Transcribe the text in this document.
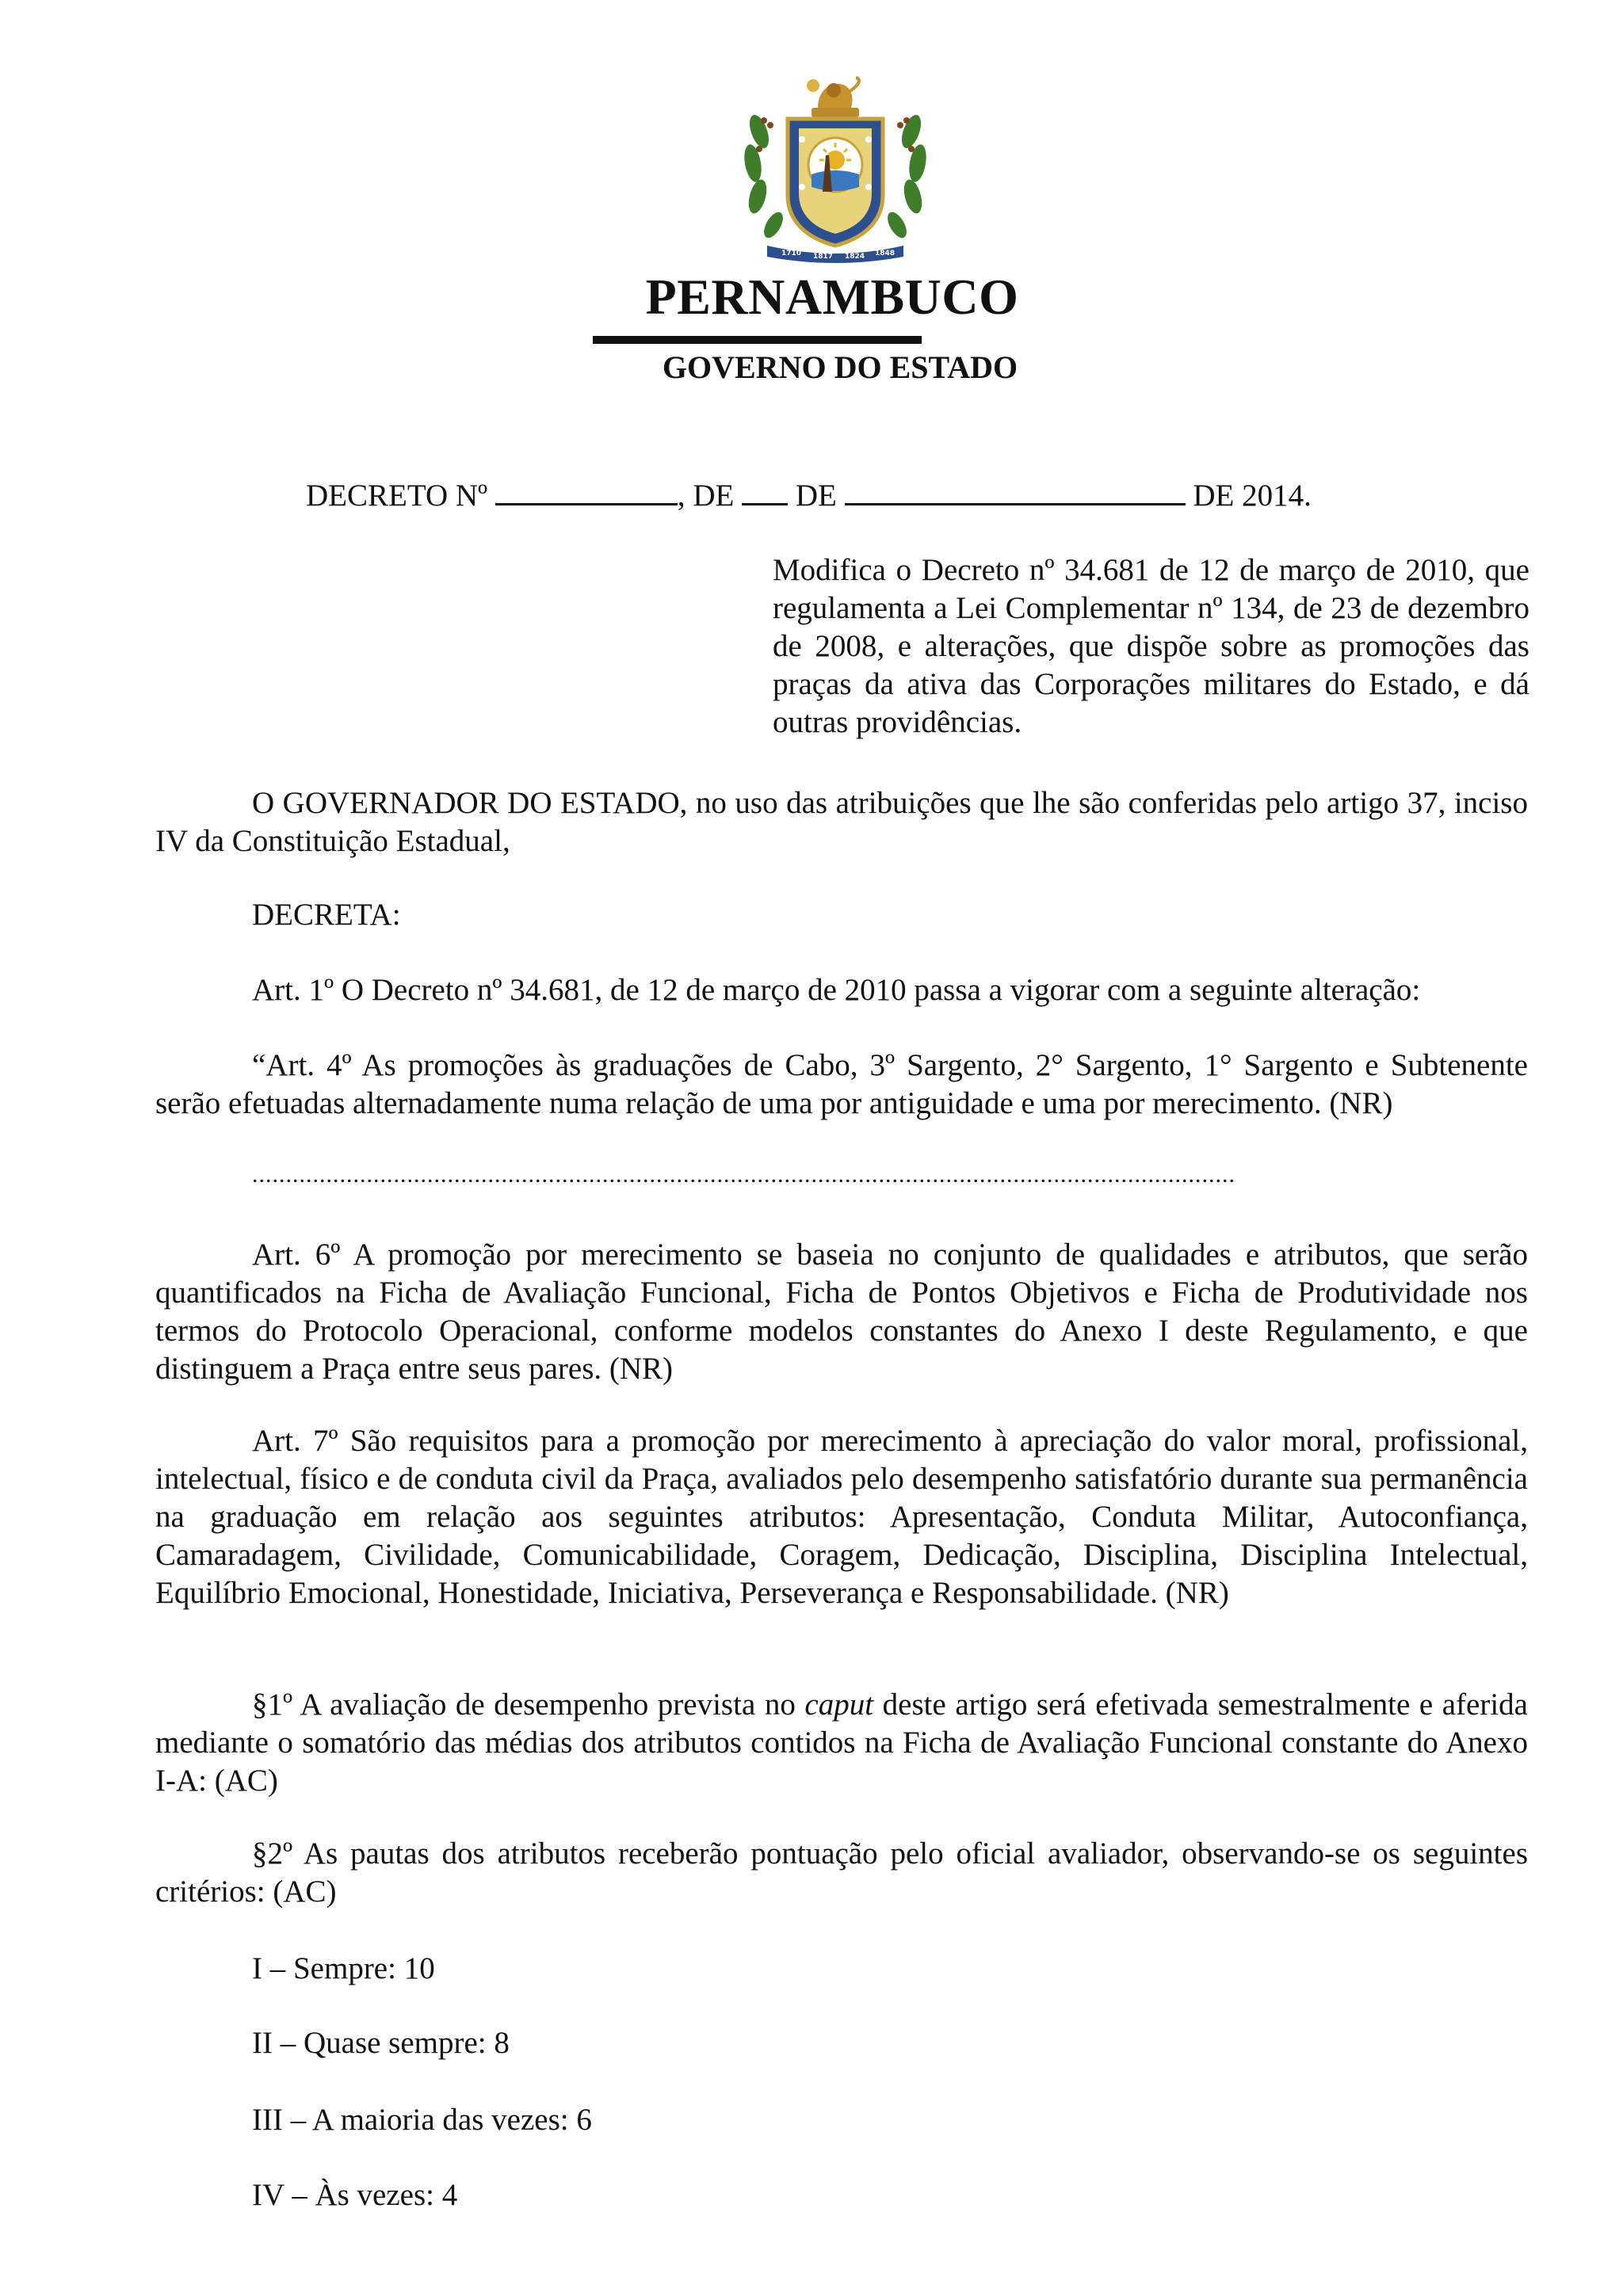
1710 1817 1824 1848
PERNAMBUCO
GOVERNO DO ESTADO
DECRETO Nº	, DE DE	DE 2014.
Modifica o Decreto nº 34.681 de 12 de março de 2010, que regulamenta a Lei Complementar nº 134, de 23 de dezembro de 2008, e alterações, que dispõe sobre as promoções das praças da ativa das Corporações militares do Estado, e dá outras providências.
O GOVERNADOR DO ESTADO, no uso das atribuições que lhe são conferidas pelo artigo 37, inciso IV da Constituição Estadual,
DECRETA:
Art. 1º O Decreto nº 34.681, de 12 de março de 2010 passa a vigorar com a seguinte alteração:
“Art. 4º As promoções às graduações de Cabo, 3º Sargento, 2° Sargento, 1° Sargento e Subtenente serão efetuadas alternadamente numa relação de uma por antiguidade e uma por merecimento. (NR)
..................................................................................................................................................
Art. 6º A promoção por merecimento se baseia no conjunto de qualidades e atributos, que serão quantificados na Ficha de Avaliação Funcional, Ficha de Pontos Objetivos e Ficha de Produtividade nos termos do Protocolo Operacional, conforme modelos constantes do Anexo I deste Regulamento, e que distinguem a Praça entre seus pares. (NR)
Art. 7º São requisitos para a promoção por merecimento à apreciação do valor moral, profissional, intelectual, físico e de conduta civil da Praça, avaliados pelo desempenho satisfatório durante sua permanência na graduação em relação aos seguintes atributos: Apresentação, Conduta Militar, Autoconfiança, Camaradagem, Civilidade, Comunicabilidade, Coragem, Dedicação, Disciplina, Disciplina Intelectual, Equilíbrio Emocional, Honestidade, Iniciativa, Perseverança e Responsabilidade. (NR)
§1º A avaliação de desempenho prevista no caput deste artigo será efetivada semestralmente e aferida mediante o somatório das médias dos atributos contidos na Ficha de Avaliação Funcional constante do Anexo I-A: (AC)
§2º As pautas dos atributos receberão pontuação pelo oficial avaliador, observando-se os seguintes critérios: (AC)
I – Sempre: 10
II – Quase sempre: 8
III – A maioria das vezes: 6
IV – Às vezes: 4
